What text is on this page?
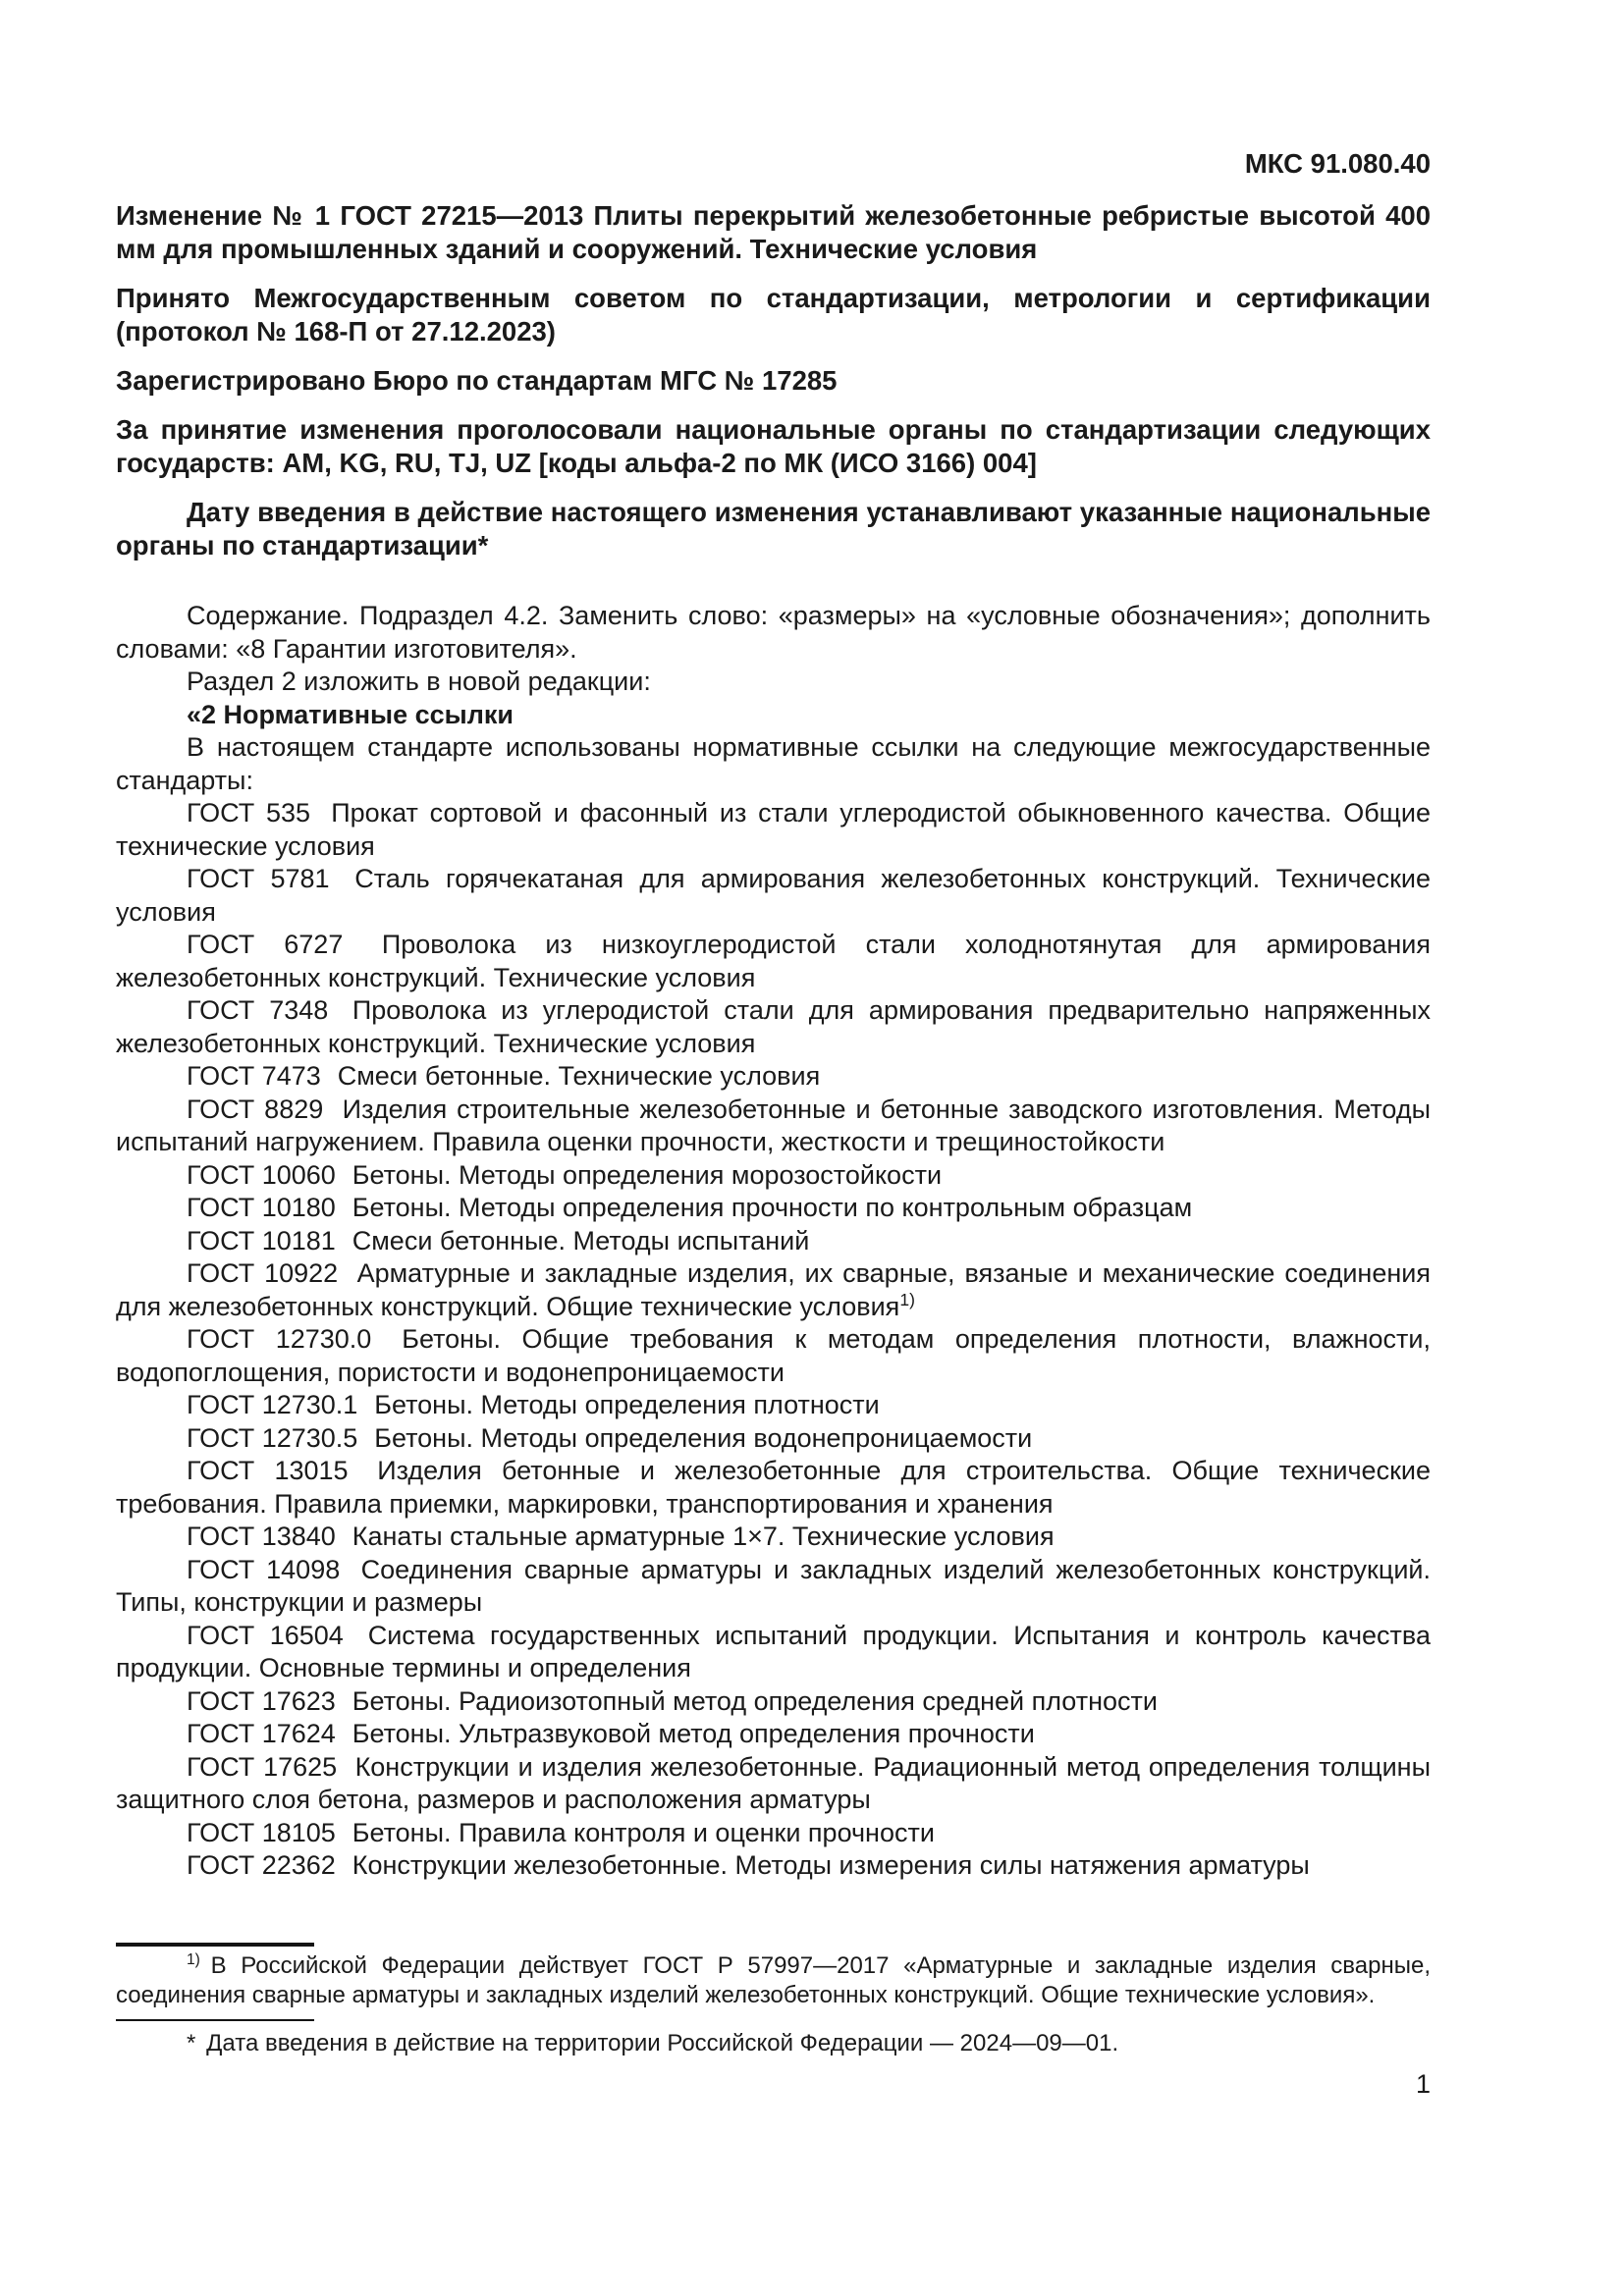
МКС 91.080.40

Изменение № 1 ГОСТ 27215—2013 Плиты перекрытий железобетонные ребристые высотой 400 мм для промышленных зданий и сооружений. Технические условия

Принято Межгосударственным советом по стандартизации, метрологии и сертификации (протокол № 168-П от 27.12.2023)

Зарегистрировано Бюро по стандартам МГС № 17285

За принятие изменения проголосовали национальные органы по стандартизации следующих государств: AM, KG, RU, TJ, UZ [коды альфа-2 по МК (ИСО 3166) 004]

Дату введения в действие настоящего изменения устанавливают указанные национальные органы по стандартизации*

Содержание. Подраздел 4.2. Заменить слово: «размеры» на «условные обозначения»; дополнить словами: «8 Гарантии изготовителя».

Раздел 2 изложить в новой редакции:

«2 Нормативные ссылки

В настоящем стандарте использованы нормативные ссылки на следующие межгосударственные стандарты:

ГОСТ 535 Прокат сортовой и фасонный из стали углеродистой обыкновенного качества. Общие технические условия

ГОСТ 5781 Сталь горячекатаная для армирования железобетонных конструкций. Технические условия

ГОСТ 6727 Проволока из низкоуглеродистой стали холоднотянутая для армирования железобетонных конструкций. Технические условия

ГОСТ 7348 Проволока из углеродистой стали для армирования предварительно напряженных железобетонных конструкций. Технические условия

ГОСТ 7473 Смеси бетонные. Технические условия

ГОСТ 8829 Изделия строительные железобетонные и бетонные заводского изготовления. Методы испытаний нагружением. Правила оценки прочности, жесткости и трещиностойкости

ГОСТ 10060 Бетоны. Методы определения морозостойкости

ГОСТ 10180 Бетоны. Методы определения прочности по контрольным образцам

ГОСТ 10181 Смеси бетонные. Методы испытаний

ГОСТ 10922 Арматурные и закладные изделия, их сварные, вязаные и механические соединения для железобетонных конструкций. Общие технические условия$^{1)}$

ГОСТ 12730.0 Бетоны. Общие требования к методам определения плотности, влажности, водопоглощения, пористости и водонепроницаемости

ГОСТ 12730.1 Бетоны. Методы определения плотности

ГОСТ 12730.5 Бетоны. Методы определения водонепроницаемости

ГОСТ 13015 Изделия бетонные и железобетонные для строительства. Общие технические требования. Правила приемки, маркировки, транспортирования и хранения

ГОСТ 13840 Канаты стальные арматурные 1×7. Технические условия

ГОСТ 14098 Соединения сварные арматуры и закладных изделий железобетонных конструкций. Типы, конструкции и размеры

ГОСТ 16504 Система государственных испытаний продукции. Испытания и контроль качества продукции. Основные термины и определения

ГОСТ 17623 Бетоны. Радиоизотопный метод определения средней плотности

ГОСТ 17624 Бетоны. Ультразвуковой метод определения прочности

ГОСТ 17625 Конструкции и изделия железобетонные. Радиационный метод определения толщины защитного слоя бетона, размеров и расположения арматуры

ГОСТ 18105 Бетоны. Правила контроля и оценки прочности

ГОСТ 22362 Конструкции железобетонные. Методы измерения силы натяжения арматуры

$^{1)}$ В Российской Федерации действует ГОСТ Р 57997—2017 «Арматурные и закладные изделия сварные, соединения сварные арматуры и закладных изделий железобетонных конструкций. Общие технические условия».

* Дата введения в действие на территории Российской Федерации — 2024—09—01.

1
